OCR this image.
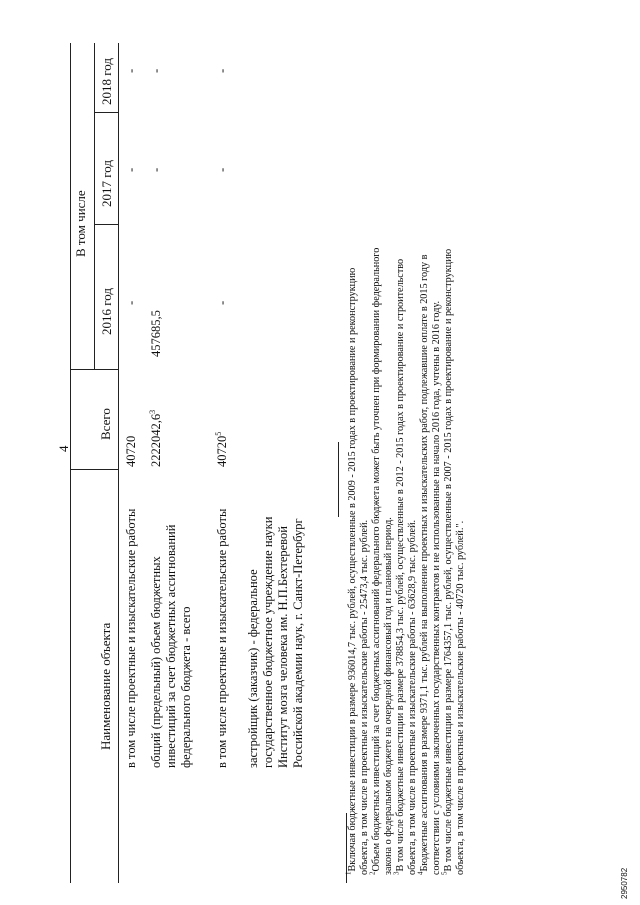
4
Наименование объекта
Всего
В том числе
2016 год
2017 год
2018 год
в том числе проектные и изыскательские работы
40720
-
-
-
общий (предельный) объем бюджетных инвестиций за счет бюджетных ассигнований федерального бюджета - всего
2222042,6$^3$
457685,5
-
-
в том числе проектные и изыскательские работы
40720$^5$
-
-
-
застройщик (заказчик) - федеральное государственное бюджетное учреждение науки Институт мозга человека им. Н.П.Бехтеревой Российской академии наук, г. Санкт-Петербург
$^1$Включая бюджетные инвестиции в размере 936014,7 тыс. рублей, осуществленные в 2009 - 2015 годах в проектирование и реконструкцию объекта, в том числе в проектные и изыскательские работы - 25473,4 тыс. рублей.
$^2$Объем бюджетных инвестиций за счет бюджетных ассигнований федерального бюджета может быть уточнен при формировании федерального закона о федеральном бюджете на очередной финансовый год и плановый период.
$^3$В том числе бюджетные инвестиции в размере 378854,3 тыс. рублей, осуществленные в 2012 - 2015 годах в проектирование и строительство объекта, в том числе в проектные и изыскательские работы - 63628,9 тыс. рублей.
$^4$Бюджетные ассигнования в размере 9371,1 тыс. рублей на выполнение проектных и изыскательских работ, подлежавшие оплате в 2015 году в соответствии с условиями заключенных государственных контрактов и не использованные на начало 2016 года, учтены в 2016 году.
$^5$В том числе бюджетные инвестиции в размере 1764357,1 тыс. рублей, осуществленные в 2007 - 2015 годах в проектирование и реконструкцию объекта, в том числе в проектные и изыскательские работы - 40720 тыс. рублей.".
2950782
